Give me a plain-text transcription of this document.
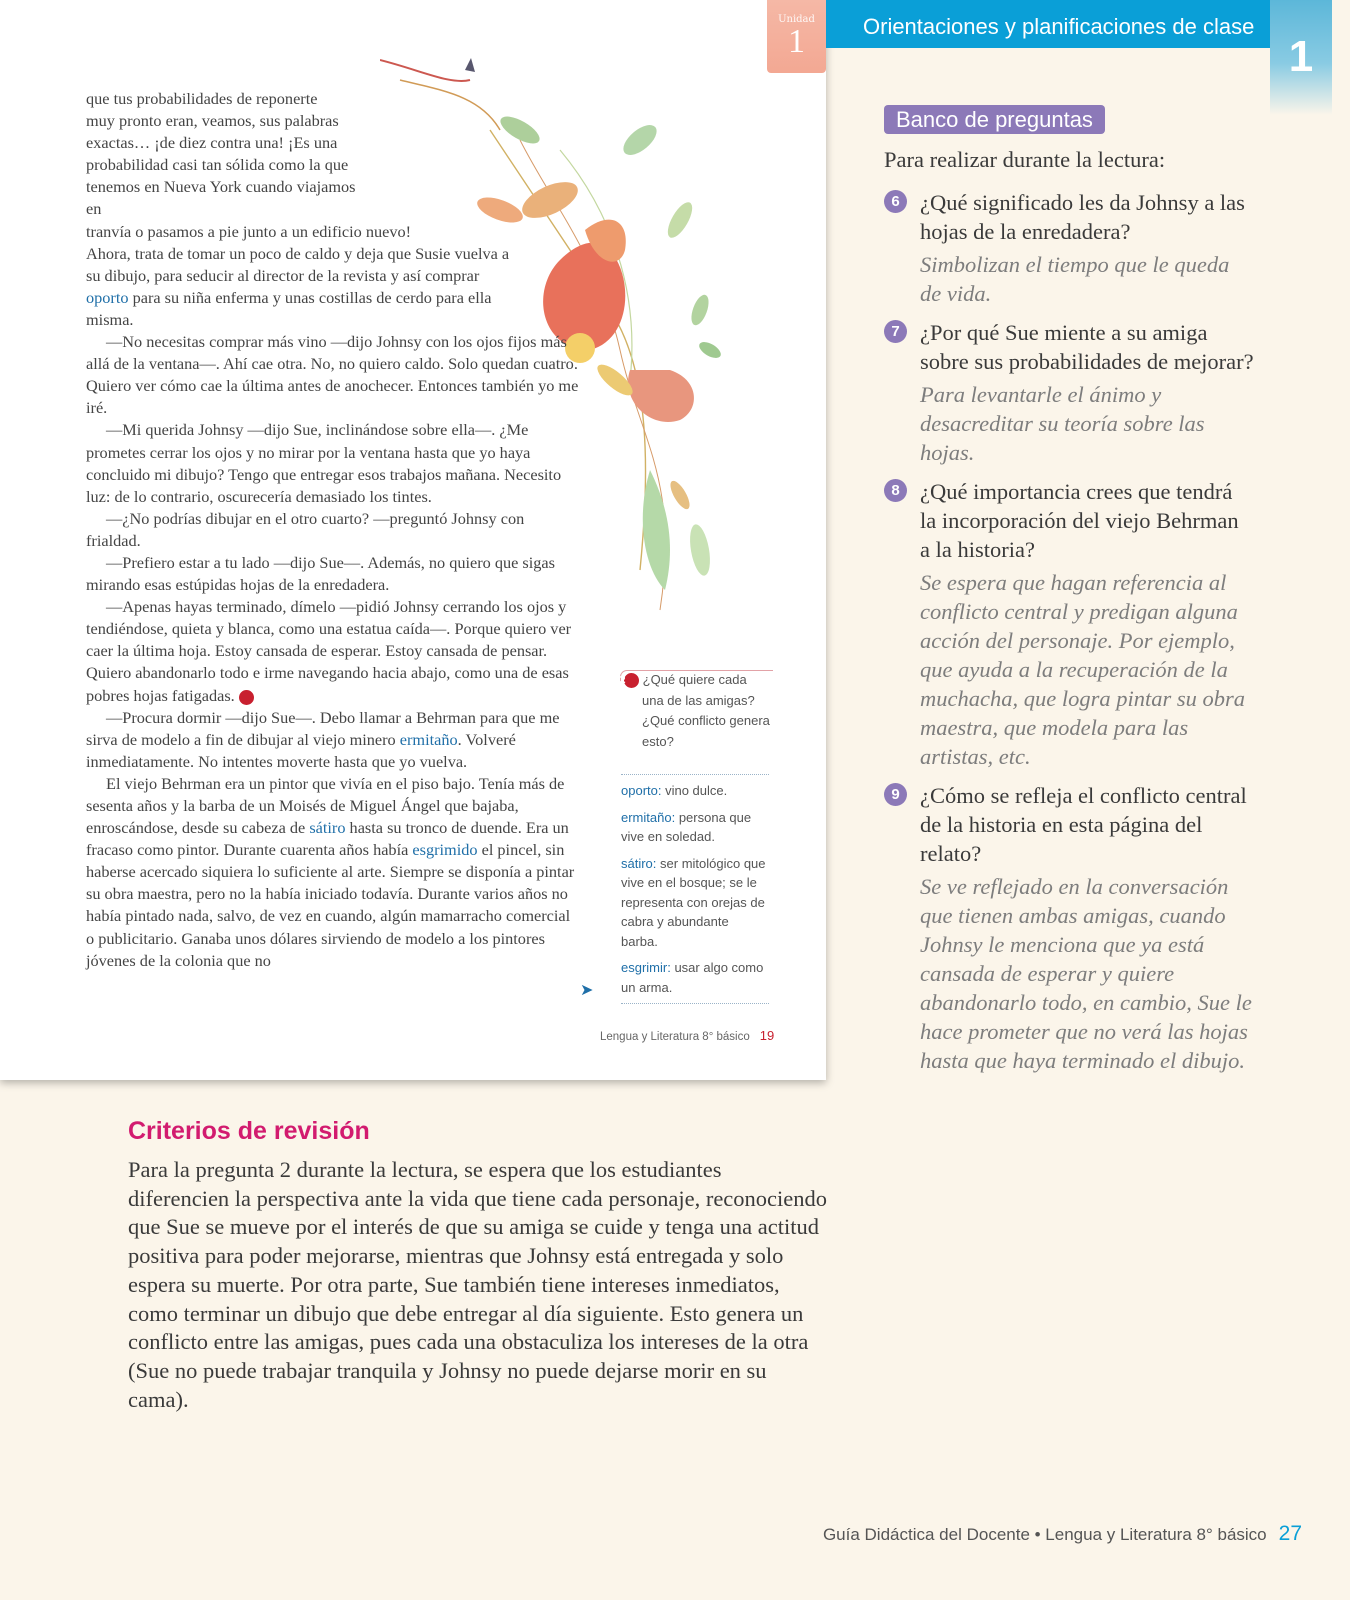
Unidad
1

que tus probabilidades de reponerte
muy pronto eran, veamos, sus palabras
exactas… ¡de diez contra una! ¡Es una
probabilidad casi tan sólida como la que
tenemos en Nueva York cuando viajamos en
tranvía o pasamos a pie junto a un edificio nuevo!
Ahora, trata de tomar un poco de caldo y deja que Susie vuelva a su dibujo, para seducir al director de la revista y así comprar oporto para su niña enferma y unas costillas de cerdo para ella misma.

—No necesitas comprar más vino —dijo Johnsy con los ojos fijos más allá de la ventana—. Ahí cae otra. No, no quiero caldo. Solo quedan cuatro. Quiero ver cómo cae la última antes de anochecer. Entonces también yo me iré.

—Mi querida Johnsy —dijo Sue, inclinándose sobre ella—. ¿Me prometes cerrar los ojos y no mirar por la ventana hasta que yo haya concluido mi dibujo? Tengo que entregar esos trabajos mañana. Necesito luz: de lo contrario, oscurecería demasiado los tintes.

—¿No podrías dibujar en el otro cuarto? —preguntó Johnsy con frialdad.

—Prefiero estar a tu lado —dijo Sue—. Además, no quiero que sigas mirando esas estúpidas hojas de la enredadera.

—Apenas hayas terminado, dímelo —pidió Johnsy cerrando los ojos y tendiéndose, quieta y blanca, como una estatua caída—. Porque quiero ver caer la última hoja. Estoy cansada de esperar. Estoy cansada de pensar. Quiero abandonarlo todo e irme navegando hacia abajo, como una de esas pobres hojas fatigadas. 2

—Procura dormir —dijo Sue—. Debo llamar a Behrman para que me sirva de modelo a fin de dibujar al viejo minero ermitaño. Volveré inmediatamente. No intentes moverte hasta que yo vuelva.

El viejo Behrman era un pintor que vivía en el piso bajo. Tenía más de sesenta años y la barba de un Moisés de Miguel Ángel que bajaba, enroscándose, desde su cabeza de sátiro hasta su tronco de duende. Era un fracaso como pintor. Durante cuarenta años había esgrimido el pincel, sin haberse acercado siquiera lo suficiente al arte. Siempre se disponía a pintar su obra maestra, pero no la había iniciado todavía. Durante varios años no había pintado nada, salvo, de vez en cuando, algún mamarracho comercial o publicitario. Ganaba unos dólares sirviendo de modelo a los pintores jóvenes de la colonia que no

➤
2 ¿Qué quiere cada una de las amigas? ¿Qué conflicto genera esto?
oporto: vino dulce.
ermitaño: persona que vive en soledad.
sátiro: ser mitológico que vive en el bosque; se le representa con orejas de cabra y abundante barba.
esgrimir: usar algo como un arma.
Lengua y Literatura 8° básico 19
Orientaciones y planificaciones de clase
1
Banco de preguntas
Para realizar durante la lectura:
6 ¿Qué significado les da Johnsy a las hojas de la enredadera?
Simbolizan el tiempo que le queda de vida.
7 ¿Por qué Sue miente a su amiga sobre sus probabilidades de mejorar?
Para levantarle el ánimo y desacreditar su teoría sobre las hojas.
8 ¿Qué importancia crees que tendrá la incorporación del viejo Behrman a la historia?
Se espera que hagan referencia al conflicto central y predigan alguna acción del personaje. Por ejemplo, que ayuda a la recuperación de la muchacha, que logra pintar su obra maestra, que modela para las artistas, etc.
9 ¿Cómo se refleja el conflicto central de la historia en esta página del relato?
Se ve reflejado en la conversación que tienen ambas amigas, cuando Johnsy le menciona que ya está cansada de esperar y quiere abandonarlo todo, en cambio, Sue le hace prometer que no verá las hojas hasta que haya terminado el dibujo.
Criterios de revisión
Para la pregunta 2 durante la lectura, se espera que los estudiantes diferencien la perspectiva ante la vida que tiene cada personaje, reconociendo que Sue se mueve por el interés de que su amiga se cuide y tenga una actitud positiva para poder mejorarse, mientras que Johnsy está entregada y solo espera su muerte. Por otra parte, Sue también tiene intereses inmediatos, como terminar un dibujo que debe entregar al día siguiente. Esto genera un conflicto entre las amigas, pues cada una obstaculiza los intereses de la otra (Sue no puede trabajar tranquila y Johnsy no puede dejarse morir en su cama).
Guía Didáctica del Docente • Lengua y Literatura 8° básico 27
